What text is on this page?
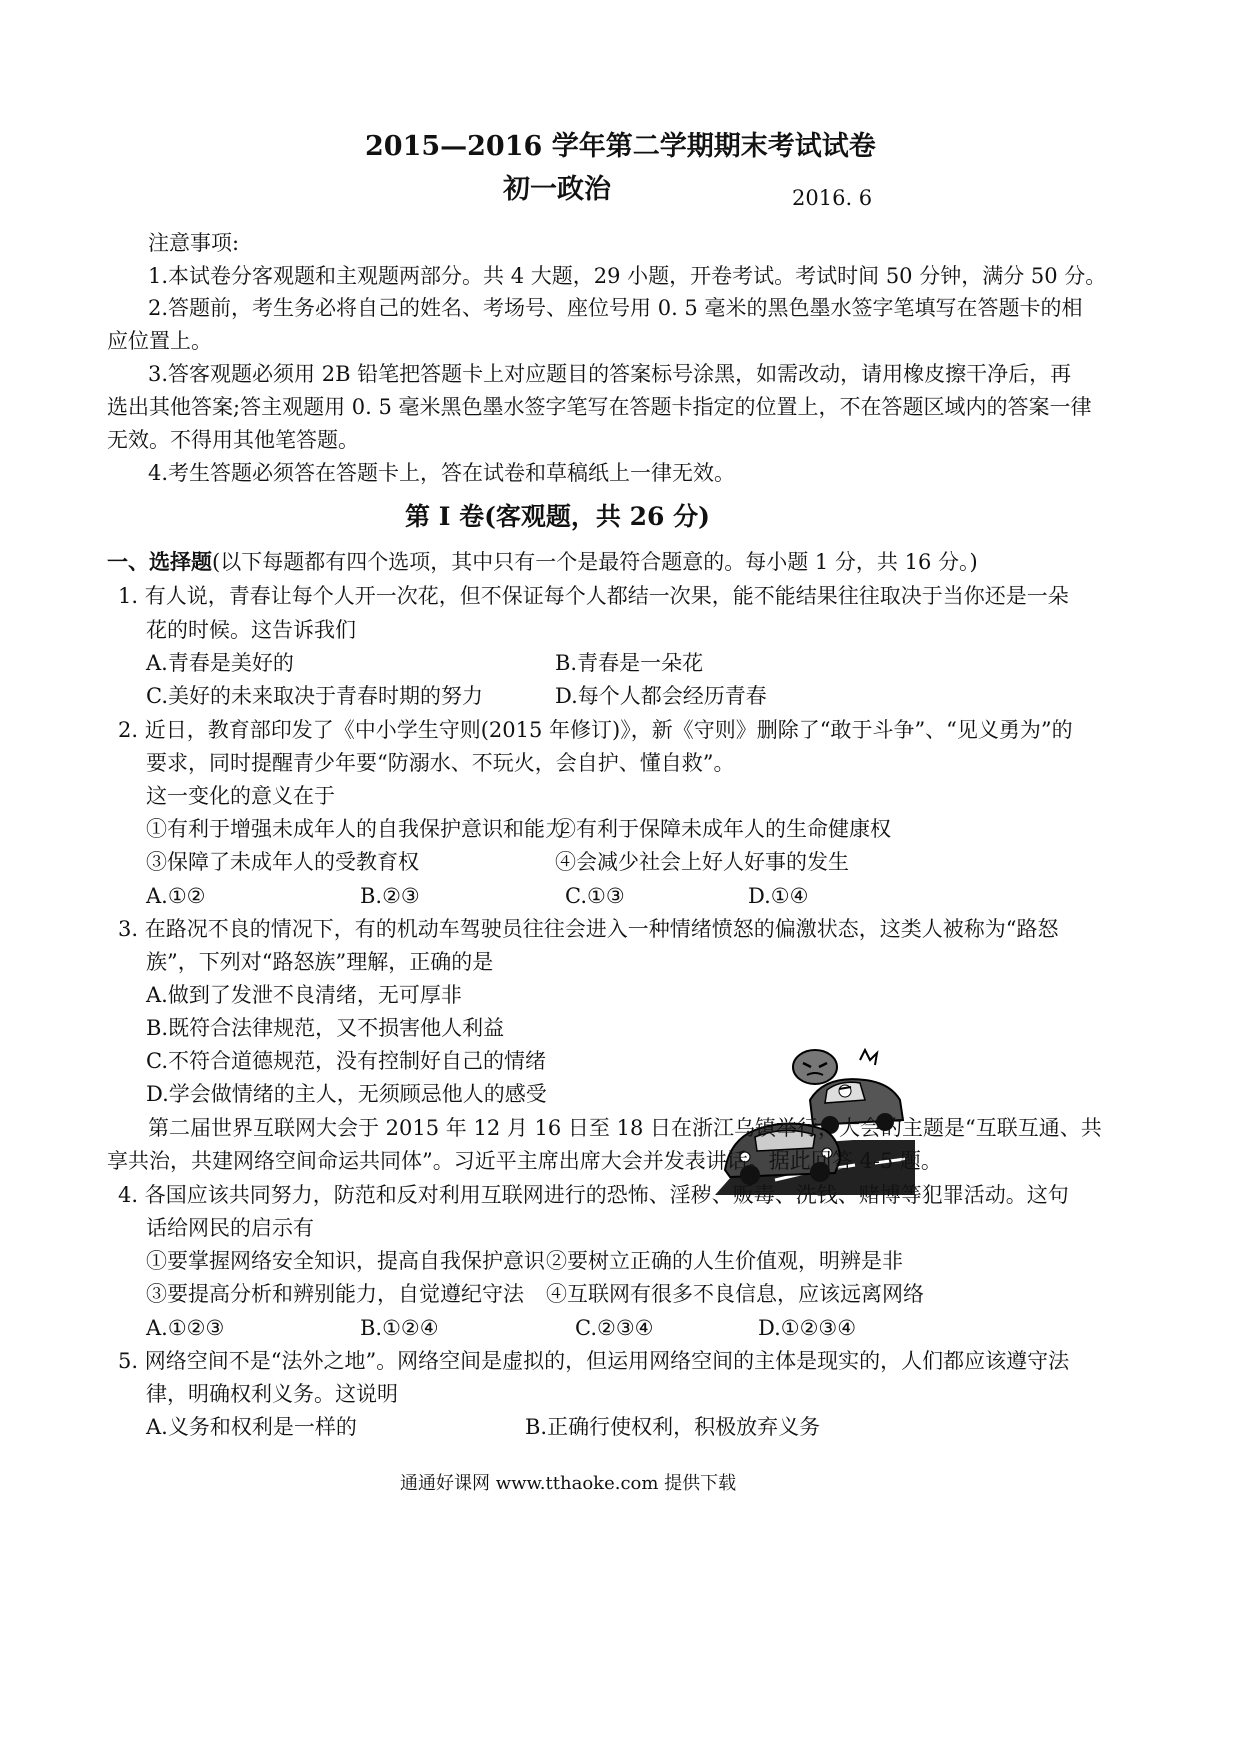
2015—2016 学年第二学期期末考试试卷
初一政治	2016. 6
注意事项:
1.本试卷分客观题和主观题两部分。共 4 大题，29 小题，开卷考试。考试时间 50 分钟，满分 50 分。
2.答题前，考生务必将自己的姓名、考场号、座位号用 0. 5 毫米的黑色墨水签字笔填写在答题卡的相
应位置上。
3.答客观题必须用 2B 铅笔把答题卡上对应题目的答案标号涂黑，如需改动，请用橡皮擦干净后，再
选出其他答案;答主观题用 0. 5 毫米黑色墨水签字笔写在答题卡指定的位置上，不在答题区域内的答案一律
无效。不得用其他笔答题。
4.考生答题必须答在答题卡上，答在试卷和草稿纸上一律无效。
第 I 卷(客观题，共 26 分)
一、选择题(以下每题都有四个选项，其中只有一个是最符合题意的。每小题 1 分，共 16 分。)
1. 有人说，青春让每个人开一次花，但不保证每个人都结一次果，能不能结果往往取决于当你还是一朵
花的时候。这告诉我们
A.青春是美好的	B.青春是一朵花
C.美好的未来取决于青春时期的努力	D.每个人都会经历青春
2. 近日，教育部印发了《中小学生守则(2015 年修订)》，新《守则》删除了“敢于斗争”、“见义勇为”的
要求，同时提醒青少年要“防溺水、不玩火，会自护、懂自救”。
这一变化的意义在于
①有利于增强未成年人的自我保护意识和能力
②有利于保障未成年人的生命健康权
③保障了未成年人的受教育权	④会减少社会上好人好事的发生
A.①②	B.②③	C.①③	D.①④
3. 在路况不良的情况下，有的机动车驾驶员往往会进入一种情绪愤怒的偏激状态，这类人被称为“路怒
族”，下列对“路怒族”理解，正确的是
A.做到了发泄不良清绪，无可厚非
B.既符合法律规范，又不损害他人利益
C.不符合道德规范，没有控制好自己的情绪
D.学会做情绪的主人，无须顾忌他人的感受
第二届世界互联网大会于 2015 年 12 月 16 日至 18 日在浙江乌镇举行，大会的主题是“互联互通、共
享共治，共建网络空间命运共同体”。习近平主席出席大会并发表讲话。据此回答 4-5 题。
4. 各国应该共同努力，防范和反对利用互联网进行的恐怖、淫秽、贩毒、洗钱、赌博等犯罪活动。这句
话给网民的启示有
①要掌握网络安全知识，提高自我保护意识 ②要树立正确的人生价值观，明辨是非
③要提高分析和辨别能力，自觉遵纪守法 ④互联网有很多不良信息，应该远离网络
A.①②③	B.①②④	C.②③④	D.①②③④
5. 网络空间不是“法外之地”。网络空间是虚拟的，但运用网络空间的主体是现实的，人们都应该遵守法
律，明确权利义务。这说明
A.义务和权利是一样的	B.正确行使权利，积极放弃义务
通通好课网 www.tthaoke.com 提供下载
